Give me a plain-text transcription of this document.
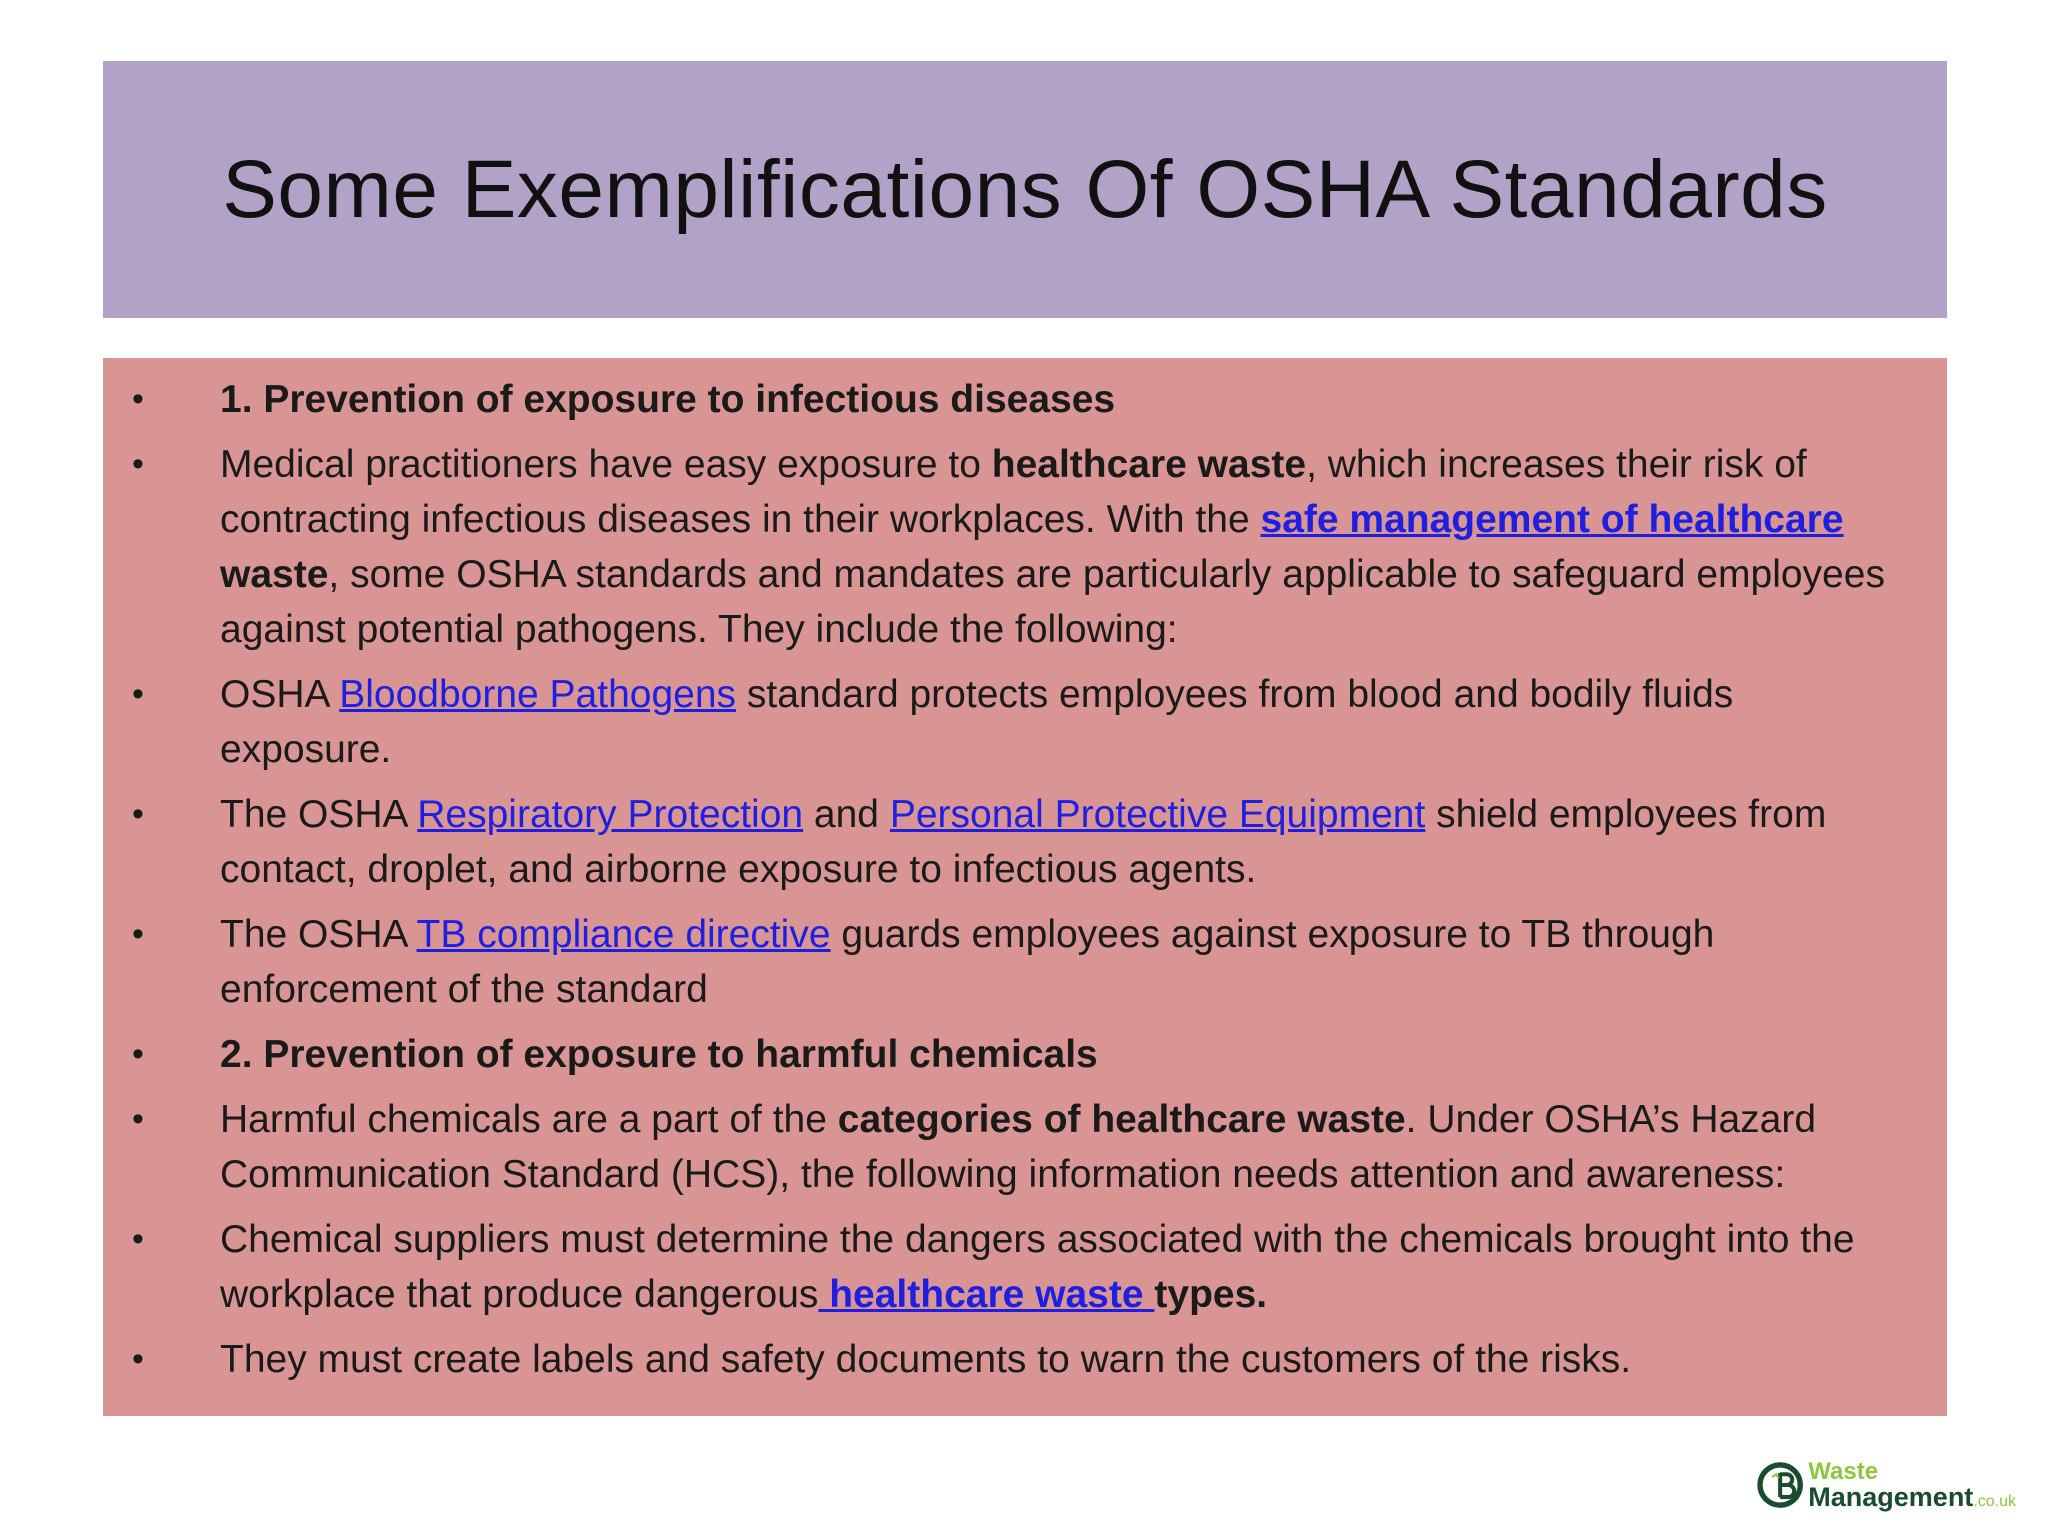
Some Exemplifications Of OSHA Standards
• 1. Prevention of exposure to infectious diseases
• Medical practitioners have easy exposure to healthcare waste, which increases their risk of contracting infectious diseases in their workplaces. With the safe management of healthcare waste, some OSHA standards and mandates are particularly applicable to safeguard employees against potential pathogens. They include the following:
• OSHA Bloodborne Pathogens standard protects employees from blood and bodily fluids exposure.
• The OSHA Respiratory Protection and Personal Protective Equipment shield employees from contact, droplet, and airborne exposure to infectious agents.
• The OSHA TB compliance directive guards employees against exposure to TB through enforcement of the standard
• 2. Prevention of exposure to harmful chemicals
• Harmful chemicals are a part of the categories of healthcare waste. Under OSHA’s Hazard Communication Standard (HCS), the following information needs attention and awareness:
• Chemical suppliers must determine the dangers associated with the chemicals brought into the workplace that produce dangerous healthcare waste types.
• They must create labels and safety documents to warn the customers of the risks.
Waste
Management.co.uk
